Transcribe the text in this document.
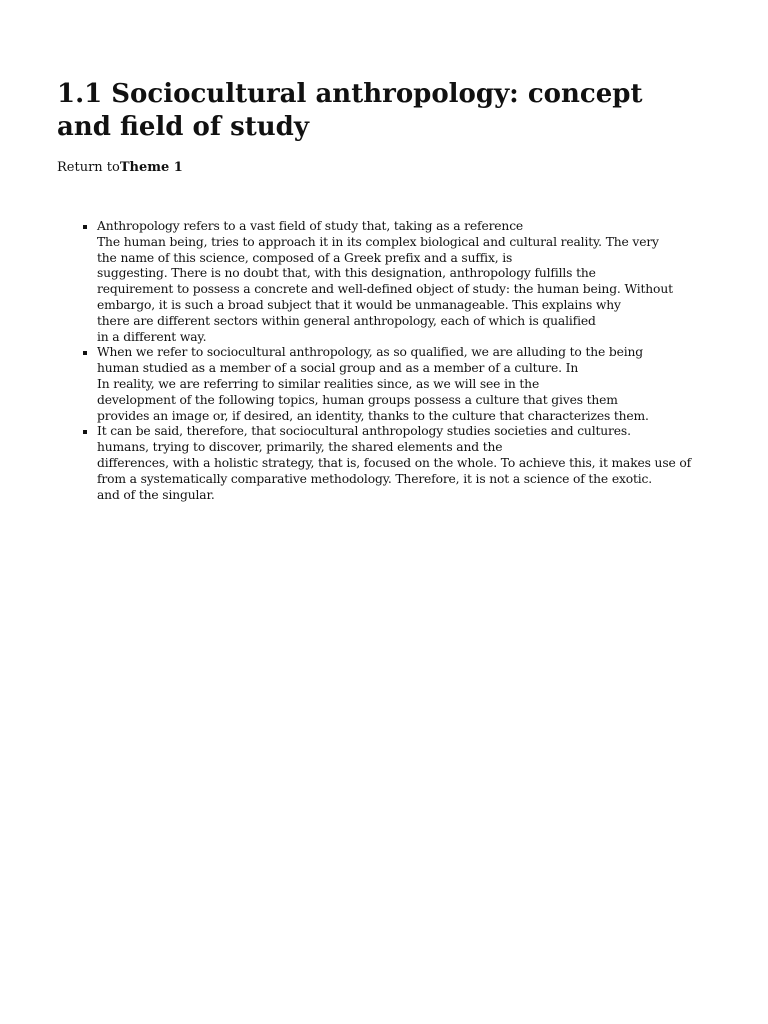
1.1 Sociocultural anthropology: concept
and field of study
Return toTheme 1
Anthropology refers to a vast field of study that, taking as a reference
The human being, tries to approach it in its complex biological and cultural reality. The very
the name of this science, composed of a Greek prefix and a suffix, is
suggesting. There is no doubt that, with this designation, anthropology fulfills the
requirement to possess a concrete and well-defined object of study: the human being. Without
embargo, it is such a broad subject that it would be unmanageable. This explains why
there are different sectors within general anthropology, each of which is qualified
in a different way.
When we refer to sociocultural anthropology, as so qualified, we are alluding to the being
human studied as a member of a social group and as a member of a culture. In
In reality, we are referring to similar realities since, as we will see in the
development of the following topics, human groups possess a culture that gives them
provides an image or, if desired, an identity, thanks to the culture that characterizes them.
It can be said, therefore, that sociocultural anthropology studies societies and cultures.
humans, trying to discover, primarily, the shared elements and the
differences, with a holistic strategy, that is, focused on the whole. To achieve this, it makes use of
from a systematically comparative methodology. Therefore, it is not a science of the exotic.
and of the singular.
